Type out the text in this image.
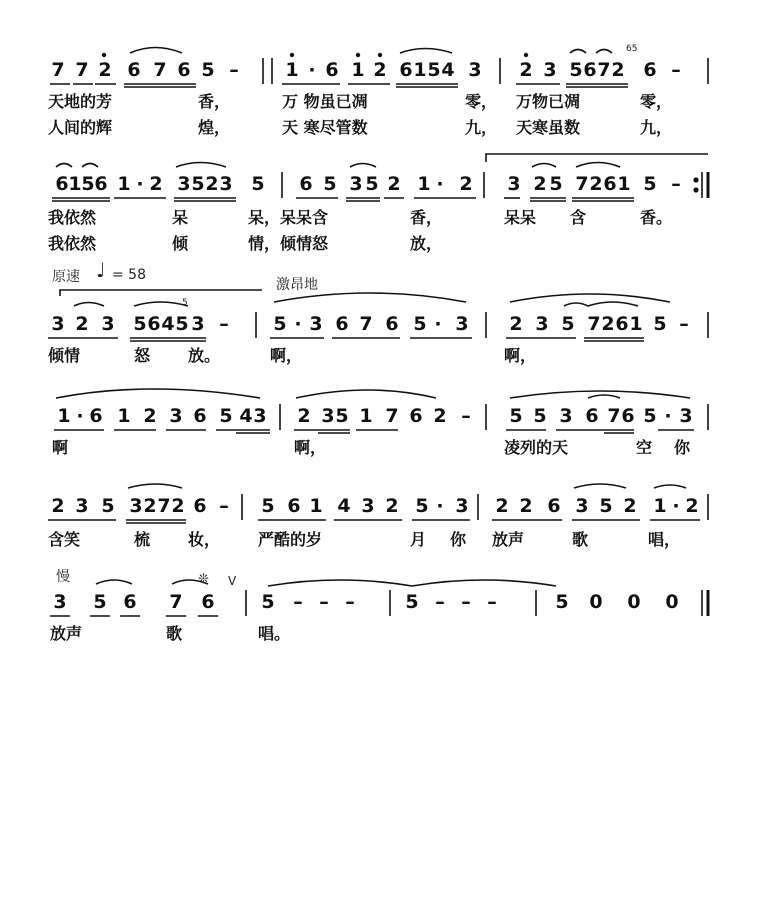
7 7 2 6 7 6 5 – 1 · 6 1 2 6 1 5 4 3 2 3 5 6 7 2 6 –
天地的芳	香，	万 物虽已凋	零， 万物已凋	零，
人间的辉	煌，	天 寒尽管数	九， 天寒虽数	九，
65
6 1 5 6 1 · 2 3 5 2 3 5 6 5 3 5 2 1 · 2 3 2 5 7 2 6 1 5 –
我依然	呆	呆，呆呆含	香，	呆呆 含	香。
我依然	倾	情，倾情怒	放，
原速 ♩ = 58
激昂地
3 2 3 5 6 4 5 3 – 5 · 3 6 7 6 5 · 3 2 3 5 7 2 6 1 5 –
倾情	怒 放。	啊，	啊，
5
1 · 6 1 2 3 6 5 4 3 2 3 5 1 7 6 2 – 5 5 3 6 7 6 5 · 3
啊	啊，	凌列的天	空 你
2 3 5 3 2 7 2 6 – 5 6 1 4 3 2 5 · 3 2 2 6 3 5 2 1 · 2
含笑	梳 妆， 严酷的岁	月 你 放声	歌	唱，
慢	V
❊
3 5 6 7 6 5 – – –	5 – – –	5 0 0 0
放声	歌	唱。
